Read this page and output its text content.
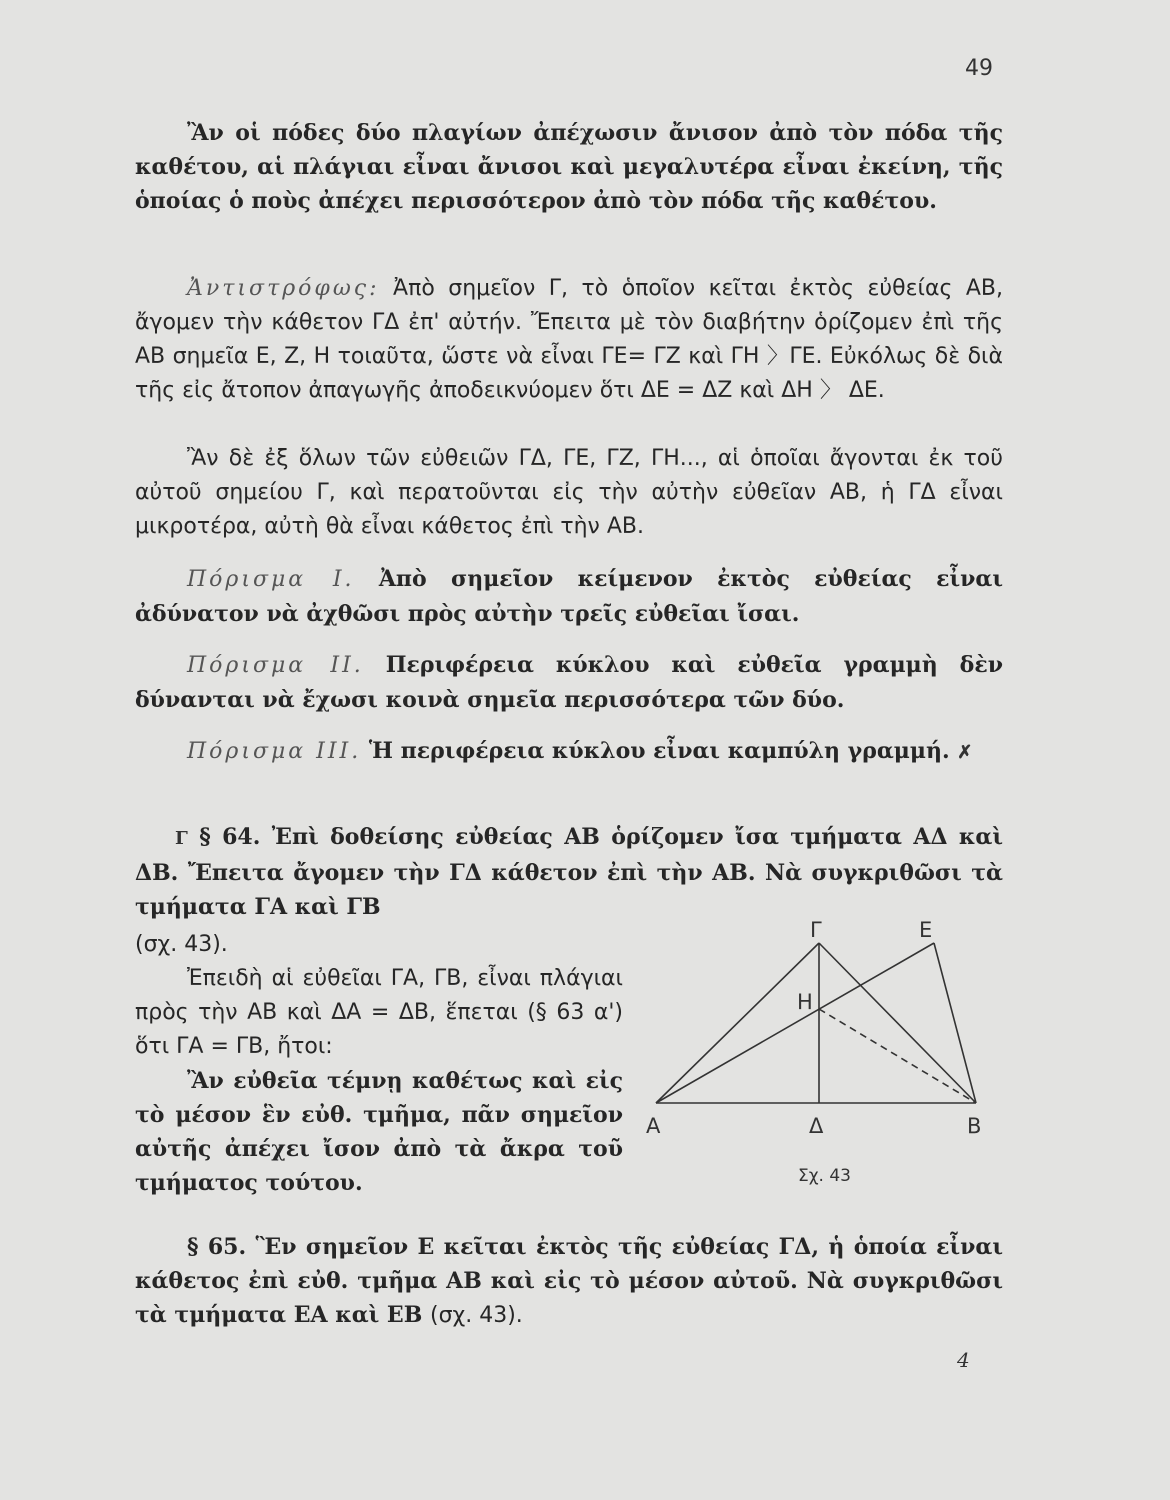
49

Ἂν οἱ πόδες δύο πλαγίων ἀπέχωσιν ἄνισον ἀπὸ τὸν πόδα τῆς καθέτου, αἱ πλάγιαι εἶναι ἄνισοι καὶ μεγαλυτέρα εἶναι ἐκείνη, τῆς ὁποίας ὁ ποὺς ἀπέχει περισσότερον ἀπὸ τὸν πόδα τῆς καθέτου.

Ἀντιστρόφως: Ἀπὸ σημεῖον Γ, τὸ ὁποῖον κεῖται ἐκτὸς εὐθείας ΑΒ, ἄγομεν τὴν κάθετον ΓΔ ἐπ' αὐτήν. Ἔπειτα μὲ τὸν διαβήτην ὁρίζομεν ἐπὶ τῆς ΑΒ σημεῖα Ε, Ζ, Η τοιαῦτα, ὥστε νὰ εἶναι ΓΕ= ΓΖ καὶ ΓΗ 〉ΓΕ. Εὐκόλως δὲ διὰ τῆς εἰς ἄτοπον ἀπαγωγῆς ἀποδεικνύομεν ὅτι ΔΕ = ΔΖ καὶ ΔΗ 〉 ΔΕ.

Ἂν δὲ ἐξ ὅλων τῶν εὐθειῶν ΓΔ, ΓΕ, ΓΖ, ΓΗ..., αἱ ὁποῖαι ἄγονται ἐκ τοῦ αὐτοῦ σημείου Γ, καὶ περατοῦνται εἰς τὴν αὐτὴν εὐθεῖαν ΑΒ, ἡ ΓΔ εἶναι μικροτέρα, αὐτὴ θὰ εἶναι κάθετος ἐπὶ τὴν ΑΒ.

Πόρισμα Ι. Ἀπὸ σημεῖον κείμενον ἐκτὸς εὐθείας εἶναι ἀδύνατον νὰ ἀχθῶσι πρὸς αὐτὴν τρεῖς εὐθεῖαι ἴσαι.

Πόρισμα ΙΙ. Περιφέρεια κύκλου καὶ εὐθεῖα γραμμὴ δὲν δύνανται νὰ ἔχωσι κοινὰ σημεῖα περισσότερα τῶν δύο.

Πόρισμα ΙΙΙ. Ἡ περιφέρεια κύκλου εἶναι καμπύλη γραμμή. ✗

Γ § 64. Ἐπὶ δοθείσης εὐθείας ΑΒ ὁρίζομεν ἴσα τμήματα ΑΔ καὶ ΔΒ. Ἔπειτα ἄγομεν τὴν ΓΔ κάθετον ἐπὶ τὴν ΑΒ. Νὰ συγκριθῶσι τὰ τμήματα ΓΑ καὶ ΓΒ

(σχ. 43).

Ἐπειδὴ αἱ εὐθεῖαι ΓΑ, ΓΒ, εἶναι πλάγιαι πρὸς τὴν ΑΒ καὶ ΔΑ = ΔΒ, ἕπεται (§ 63 α') ὅτι ΓΑ = ΓΒ, ἤτοι:

Ἂν εὐθεῖα τέμνῃ καθέτως καὶ εἰς τὸ μέσον ἓν εὐθ. τμῆμα, πᾶν σημεῖον αὐτῆς ἀπέχει ἴσον ἀπὸ τὰ ἄκρα τοῦ τμήματος τούτου.

Γ	Ε
Η
Α	Δ	Β
Σχ. 43

§ 65. Ἓν σημεῖον Ε κεῖται ἐκτὸς τῆς εὐθείας ΓΔ, ἡ ὁποία εἶναι κάθετος ἐπὶ εὐθ. τμῆμα ΑΒ καὶ εἰς τὸ μέσον αὐτοῦ. Νὰ συγκριθῶσι τὰ τμήματα ΕΑ καὶ ΕΒ (σχ. 43).

4
